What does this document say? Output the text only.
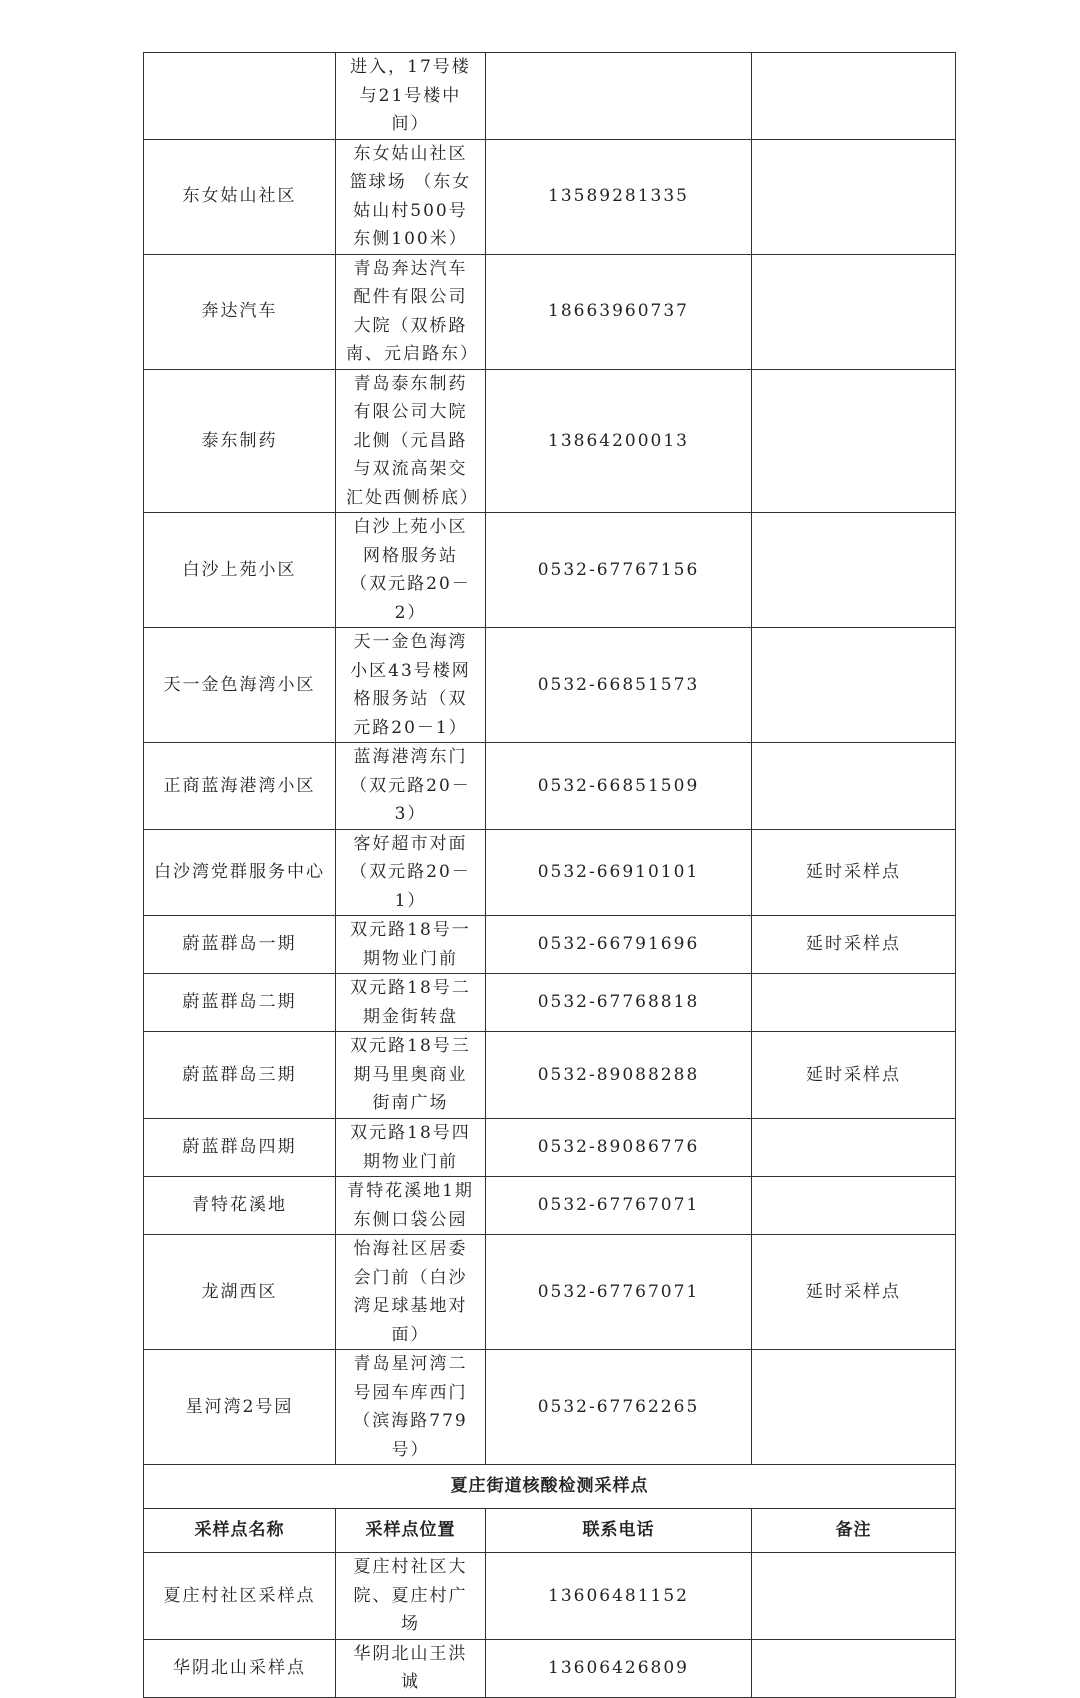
	进入，17号楼与21号楼中间）		
东女姑山社区	东女姑山社区篮球场 （东女姑山村500号东侧100米）	13589281335	
奔达汽车	青岛奔达汽车配件有限公司大院（双桥路南、元启路东）	18663960737	
泰东制药	青岛泰东制药有限公司大院北侧（元昌路与双流高架交汇处西侧桥底）	13864200013	
白沙上苑小区	白沙上苑小区网格服务站（双元路20－2）	0532-67767156	
天一金色海湾小区	天一金色海湾小区43号楼网格服务站（双元路20－1）	0532-66851573	
正商蓝海港湾小区	蓝海港湾东门（双元路20－3）	0532-66851509	
白沙湾党群服务中心	客好超市对面（双元路20－1）	0532-66910101	延时采样点
蔚蓝群岛一期	双元路18号一期物业门前	0532-66791696	延时采样点
蔚蓝群岛二期	双元路18号二期金街转盘	0532-67768818	
蔚蓝群岛三期	双元路18号三期马里奥商业街南广场	0532-89088288	延时采样点
蔚蓝群岛四期	双元路18号四期物业门前	0532-89086776	
青特花溪地	青特花溪地1期东侧口袋公园	0532-67767071	
龙湖西区	怡海社区居委会门前（白沙湾足球基地对面）	0532-67767071	延时采样点
星河湾2号园	青岛星河湾二号园车库西门（滨海路779号）	0532-67762265	
夏庄街道核酸检测采样点			
采样点名称	采样点位置	联系电话	备注
夏庄村社区采样点	夏庄村社区大院、夏庄村广场	13606481152	
华阴北山采样点	华阴北山王洪诚	13606426809	
